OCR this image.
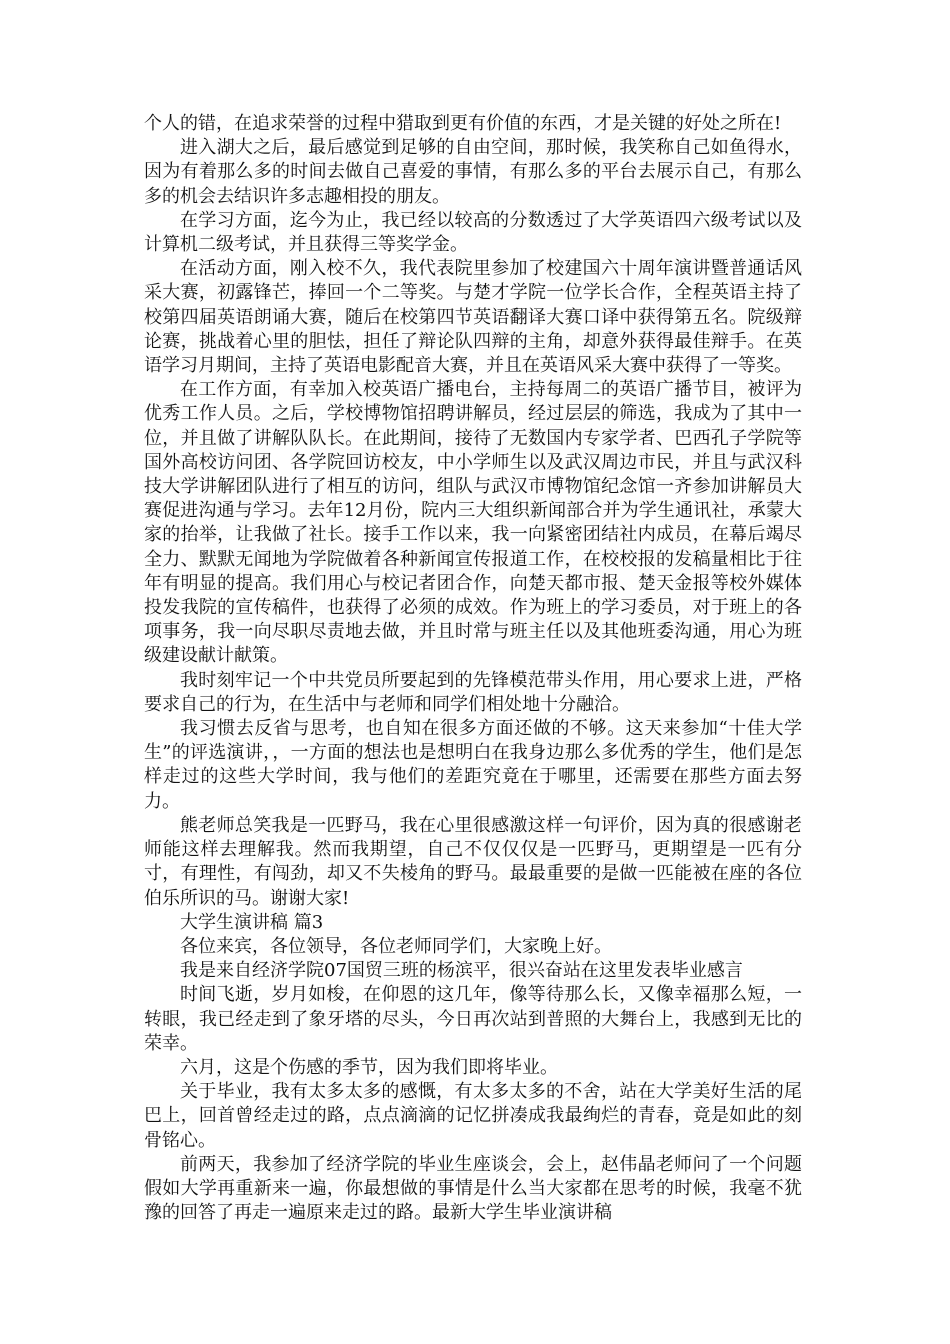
个人的错，在追求荣誉的过程中猎取到更有价值的东西，才是关键的好处之所在!

进入湖大之后，最后感觉到足够的自由空间，那时候，我笑称自己如鱼得水，因为有着那么多的时间去做自己喜爱的事情，有那么多的平台去展示自己，有那么多的机会去结识许多志趣相投的朋友。

在学习方面，迄今为止，我已经以较高的分数透过了大学英语四六级考试以及计算机二级考试，并且获得三等奖学金。

在活动方面，刚入校不久，我代表院里参加了校建国六十周年演讲暨普通话风采大赛，初露锋芒，捧回一个二等奖。与楚才学院一位学长合作，全程英语主持了校第四届英语朗诵大赛，随后在校第四节英语翻译大赛口译中获得第五名。院级辩论赛，挑战着心里的胆怯，担任了辩论队四辩的主角，却意外获得最佳辩手。在英语学习月期间，主持了英语电影配音大赛，并且在英语风采大赛中获得了一等奖。

在工作方面，有幸加入校英语广播电台，主持每周二的英语广播节目，被评为优秀工作人员。之后，学校博物馆招聘讲解员，经过层层的筛选，我成为了其中一位，并且做了讲解队队长。在此期间，接待了无数国内专家学者、巴西孔子学院等国外高校访问团、各学院回访校友，中小学师生以及武汉周边市民，并且与武汉科技大学讲解团队进行了相互的访问，组队与武汉市博物馆纪念馆一齐参加讲解员大赛促进沟通与学习。去年12月份，院内三大组织新闻部合并为学生通讯社，承蒙大家的抬举，让我做了社长。接手工作以来，我一向紧密团结社内成员，在幕后竭尽全力、默默无闻地为学院做着各种新闻宣传报道工作，在校校报的发稿量相比于往年有明显的提高。我们用心与校记者团合作，向楚天都市报、楚天金报等校外媒体投发我院的宣传稿件，也获得了必须的成效。作为班上的学习委员，对于班上的各项事务，我一向尽职尽责地去做，并且时常与班主任以及其他班委沟通，用心为班级建设献计献策。

我时刻牢记一个中共党员所要起到的先锋模范带头作用，用心要求上进，严格要求自己的行为，在生活中与老师和同学们相处地十分融洽。

我习惯去反省与思考，也自知在很多方面还做的不够。这天来参加“十佳大学生”的评选演讲，，一方面的想法也是想明白在我身边那么多优秀的学生，他们是怎样走过的这些大学时间，我与他们的差距究竟在于哪里，还需要在那些方面去努力。

熊老师总笑我是一匹野马，我在心里很感激这样一句评价，因为真的很感谢老师能这样去理解我。然而我期望，自己不仅仅仅是一匹野马，更期望是一匹有分寸，有理性，有闯劲，却又不失棱角的野马。最最重要的是做一匹能被在座的各位伯乐所识的马。谢谢大家!

大学生演讲稿 篇3

各位来宾，各位领导，各位老师同学们，大家晚上好。

我是来自经济学院07国贸三班的杨滨平，很兴奋站在这里发表毕业感言

时间飞逝，岁月如梭，在仰恩的这几年，像等待那么长，又像幸福那么短，一转眼，我已经走到了象牙塔的尽头，今日再次站到普照的大舞台上，我感到无比的荣幸。

六月，这是个伤感的季节，因为我们即将毕业。

关于毕业，我有太多太多的感慨，有太多太多的不舍，站在大学美好生活的尾巴上，回首曾经走过的路，点点滴滴的记忆拼凑成我最绚烂的青春，竟是如此的刻骨铭心。

前两天，我参加了经济学院的毕业生座谈会，会上，赵伟晶老师问了一个问题假如大学再重新来一遍，你最想做的事情是什么当大家都在思考的时候，我毫不犹豫的回答了再走一遍原来走过的路。最新大学生毕业演讲稿
